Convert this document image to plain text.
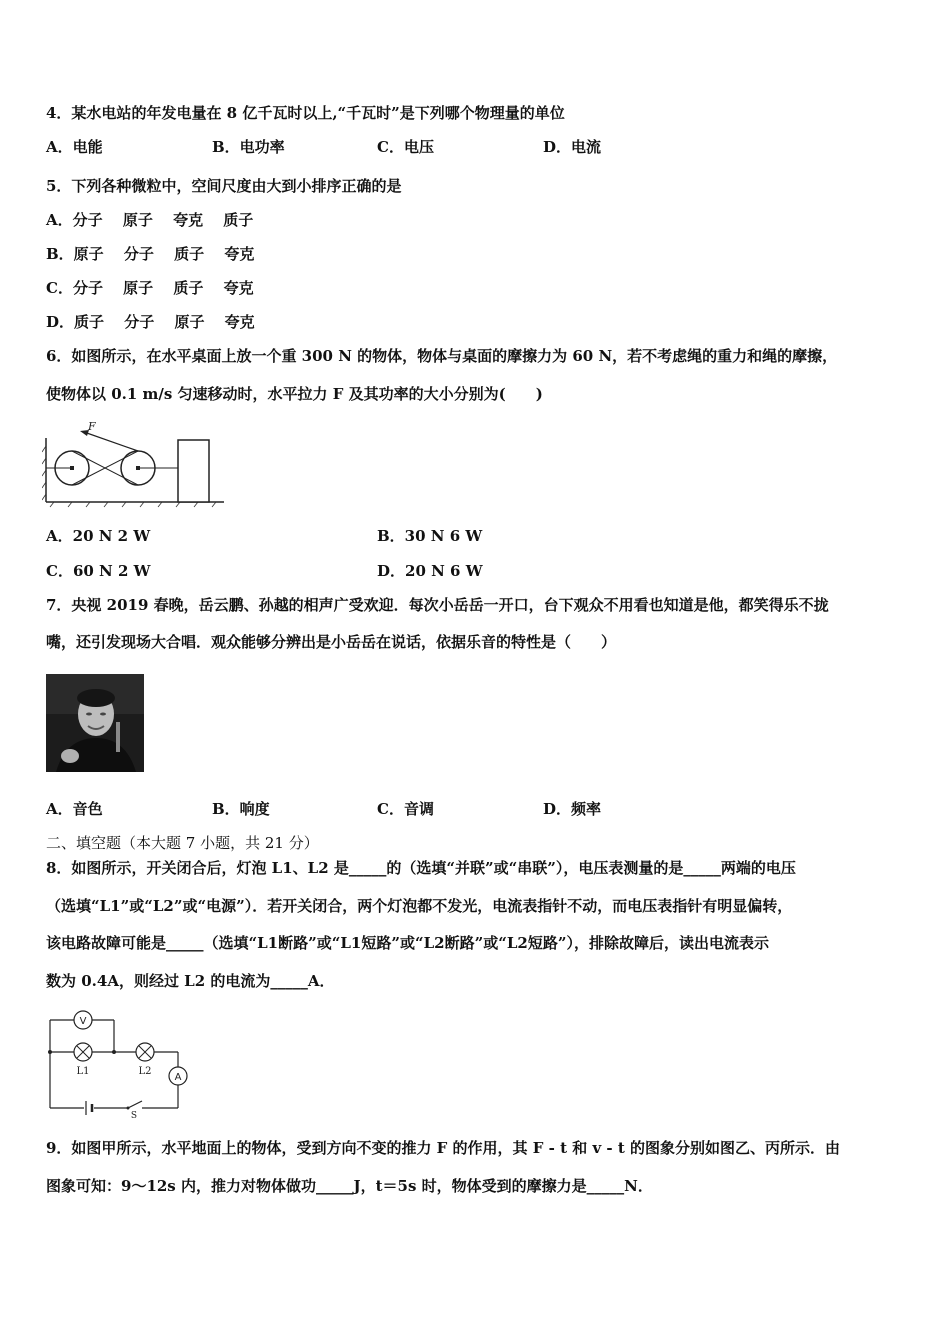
4．某水电站的年发电量在 8 亿千瓦时以上,“千瓦时”是下列哪个物理量的单位
A．电能	B．电功率	C．电压	D．电流
5．下列各种微粒中，空间尺度由大到小排序正确的是
A．分子　 原子　 夸克　 质子
B．原子　 分子　 质子　 夸克
C．分子　 原子　 质子　 夸克
D．质子　 分子　 原子　 夸克
6．如图所示，在水平桌面上放一个重 300 N 的物体，物体与桌面的摩擦力为 60 N，若不考虑绳的重力和绳的摩擦，
使物体以 0.1 m/s 匀速移动时，水平拉力 F 及其功率的大小分别为(　　)
F
A．20 N 2 W	B．30 N 6 W
C．60 N 2 W	D．20 N 6 W
7．央视 2019 春晚，岳云鹏、孙越的相声广受欢迎．每次小岳岳一开口，台下观众不用看也知道是他，都笑得乐不拢
嘴，还引发现场大合唱．观众能够分辨出是小岳岳在说话，依据乐音的特性是（　　）
A．音色	B．响度	C．音调	D．频率
二、填空题（本大题 7 小题，共 21 分）
8．如图所示，开关闭合后，灯泡 L1、L2 是_____的（选填“并联”或“串联”），电压表测量的是_____两端的电压
（选填“L1”或“L2”或“电源”）．若开关闭合，两个灯泡都不发光，电流表指针不动，而电压表指针有明显偏转，
该电路故障可能是_____（选填“L1断路”或“L1短路”或“L2断路”或“L2短路”），排除故障后，读出电流表示
数为 0.4A，则经过 L2 的电流为_____A．
V
L1	L2
A
S
9．如图甲所示，水平地面上的物体，受到方向不变的推力 F 的作用，其 F - t 和 v - t 的图象分别如图乙、丙所示．由
图象可知：9～12s 内，推力对物体做功_____J，t＝5s 时，物体受到的摩擦力是_____N．
